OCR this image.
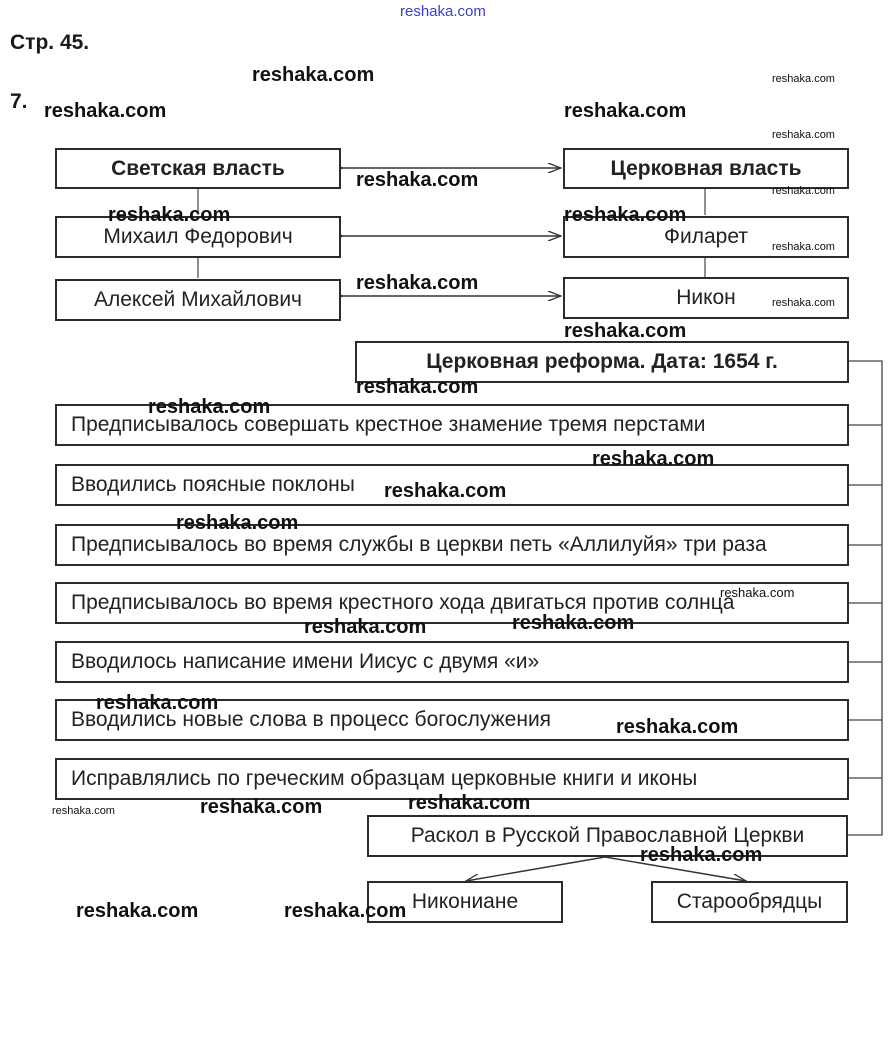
reshaka.com
Стр. 45.
7.
Светская власть	Церковная власть
Михаил Федорович	Филарет
Алексей Михайлович	Никон
Церковная реформа. Дата: 1654 г.
Предписывалось совершать крестное знамение тремя перстами
Вводились поясные поклоны
Предписывалось во время службы в церкви петь «Аллилуйя» три раза
Предписывалось во время крестного хода двигаться против солнца
Вводилось написание имени Иисус с двумя «и»
Вводились новые слова в процесс богослужения
Исправлялись по греческим образцам церковные книги и иконы
Раскол в Русской Православной Церкви
Никониане	Старообрядцы
reshaka.com	reshaka.com
reshaka.com	reshaka.com
reshaka.com
reshaka.com	reshaka.com
reshaka.com	reshaka.com
reshaka.com
reshaka.com
reshaka.com
reshaka.com
reshaka.com
reshaka.com
reshaka.com
reshaka.com
reshaka.com
reshaka.com
reshaka.com
reshaka.com
reshaka.com
reshaka.com
reshaka.com
reshaka.com
reshaka.com
reshaka.com
reshaka.com	reshaka.com
